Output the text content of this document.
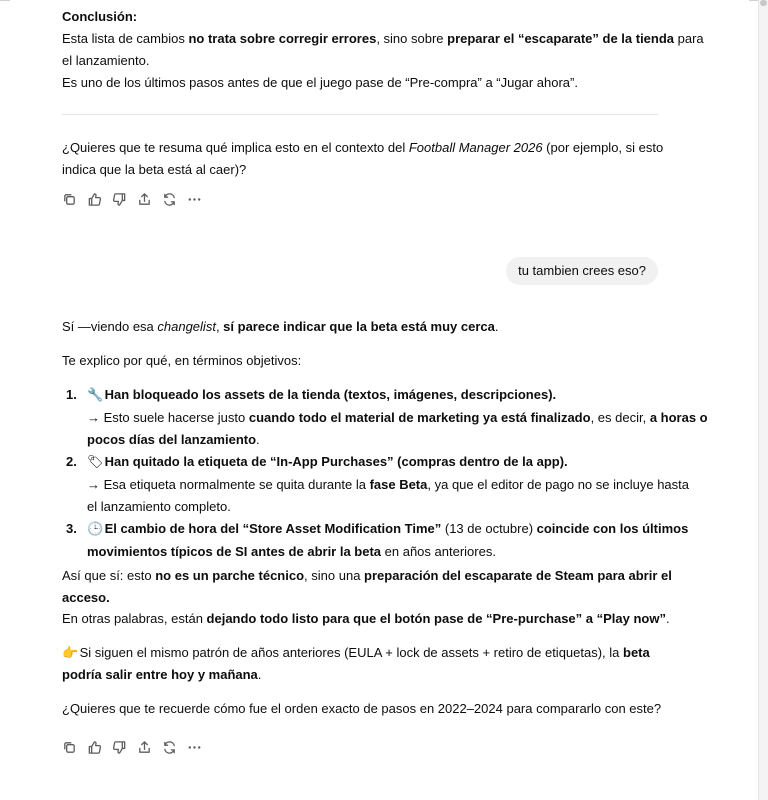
Conclusión:

Esta lista de cambios no trata sobre corregir errores, sino sobre preparar el “escaparate” de la tienda para

el lanzamiento.

Es uno de los últimos pasos antes de que el juego pase de “Pre-compra” a “Jugar ahora”.

¿Quieres que te resuma qué implica esto en el contexto del Football Manager 2026 (por ejemplo, si esto

indica que la beta está al caer)?

tu tambien crees eso?

Sí —viendo esa changelist, sí parece indicar que la beta está muy cerca.

Te explico por qué, en términos objetivos:

1. 🔧 Han bloqueado los assets de la tienda (textos, imágenes, descripciones).
→ Esto suele hacerse justo cuando todo el material de marketing ya está finalizado, es decir, a horas o
pocos días del lanzamiento.
2. 🏷 Han quitado la etiqueta de “In-App Purchases” (compras dentro de la app).
→ Esa etiqueta normalmente se quita durante la fase Beta, ya que el editor de pago no se incluye hasta
el lanzamiento completo.
3. 🕒 El cambio de hora del “Store Asset Modification Time” (13 de octubre) coincide con los últimos
movimientos típicos de SI antes de abrir la beta en años anteriores.

Así que sí: esto no es un parche técnico, sino una preparación del escaparate de Steam para abrir el

acceso.

En otras palabras, están dejando todo listo para que el botón pase de “Pre-purchase” a “Play now”.

👉 Si siguen el mismo patrón de años anteriores (EULA + lock de assets + retiro de etiquetas), la beta

podría salir entre hoy y mañana.

¿Quieres que te recuerde cómo fue el orden exacto de pasos en 2022–2024 para compararlo con este?
